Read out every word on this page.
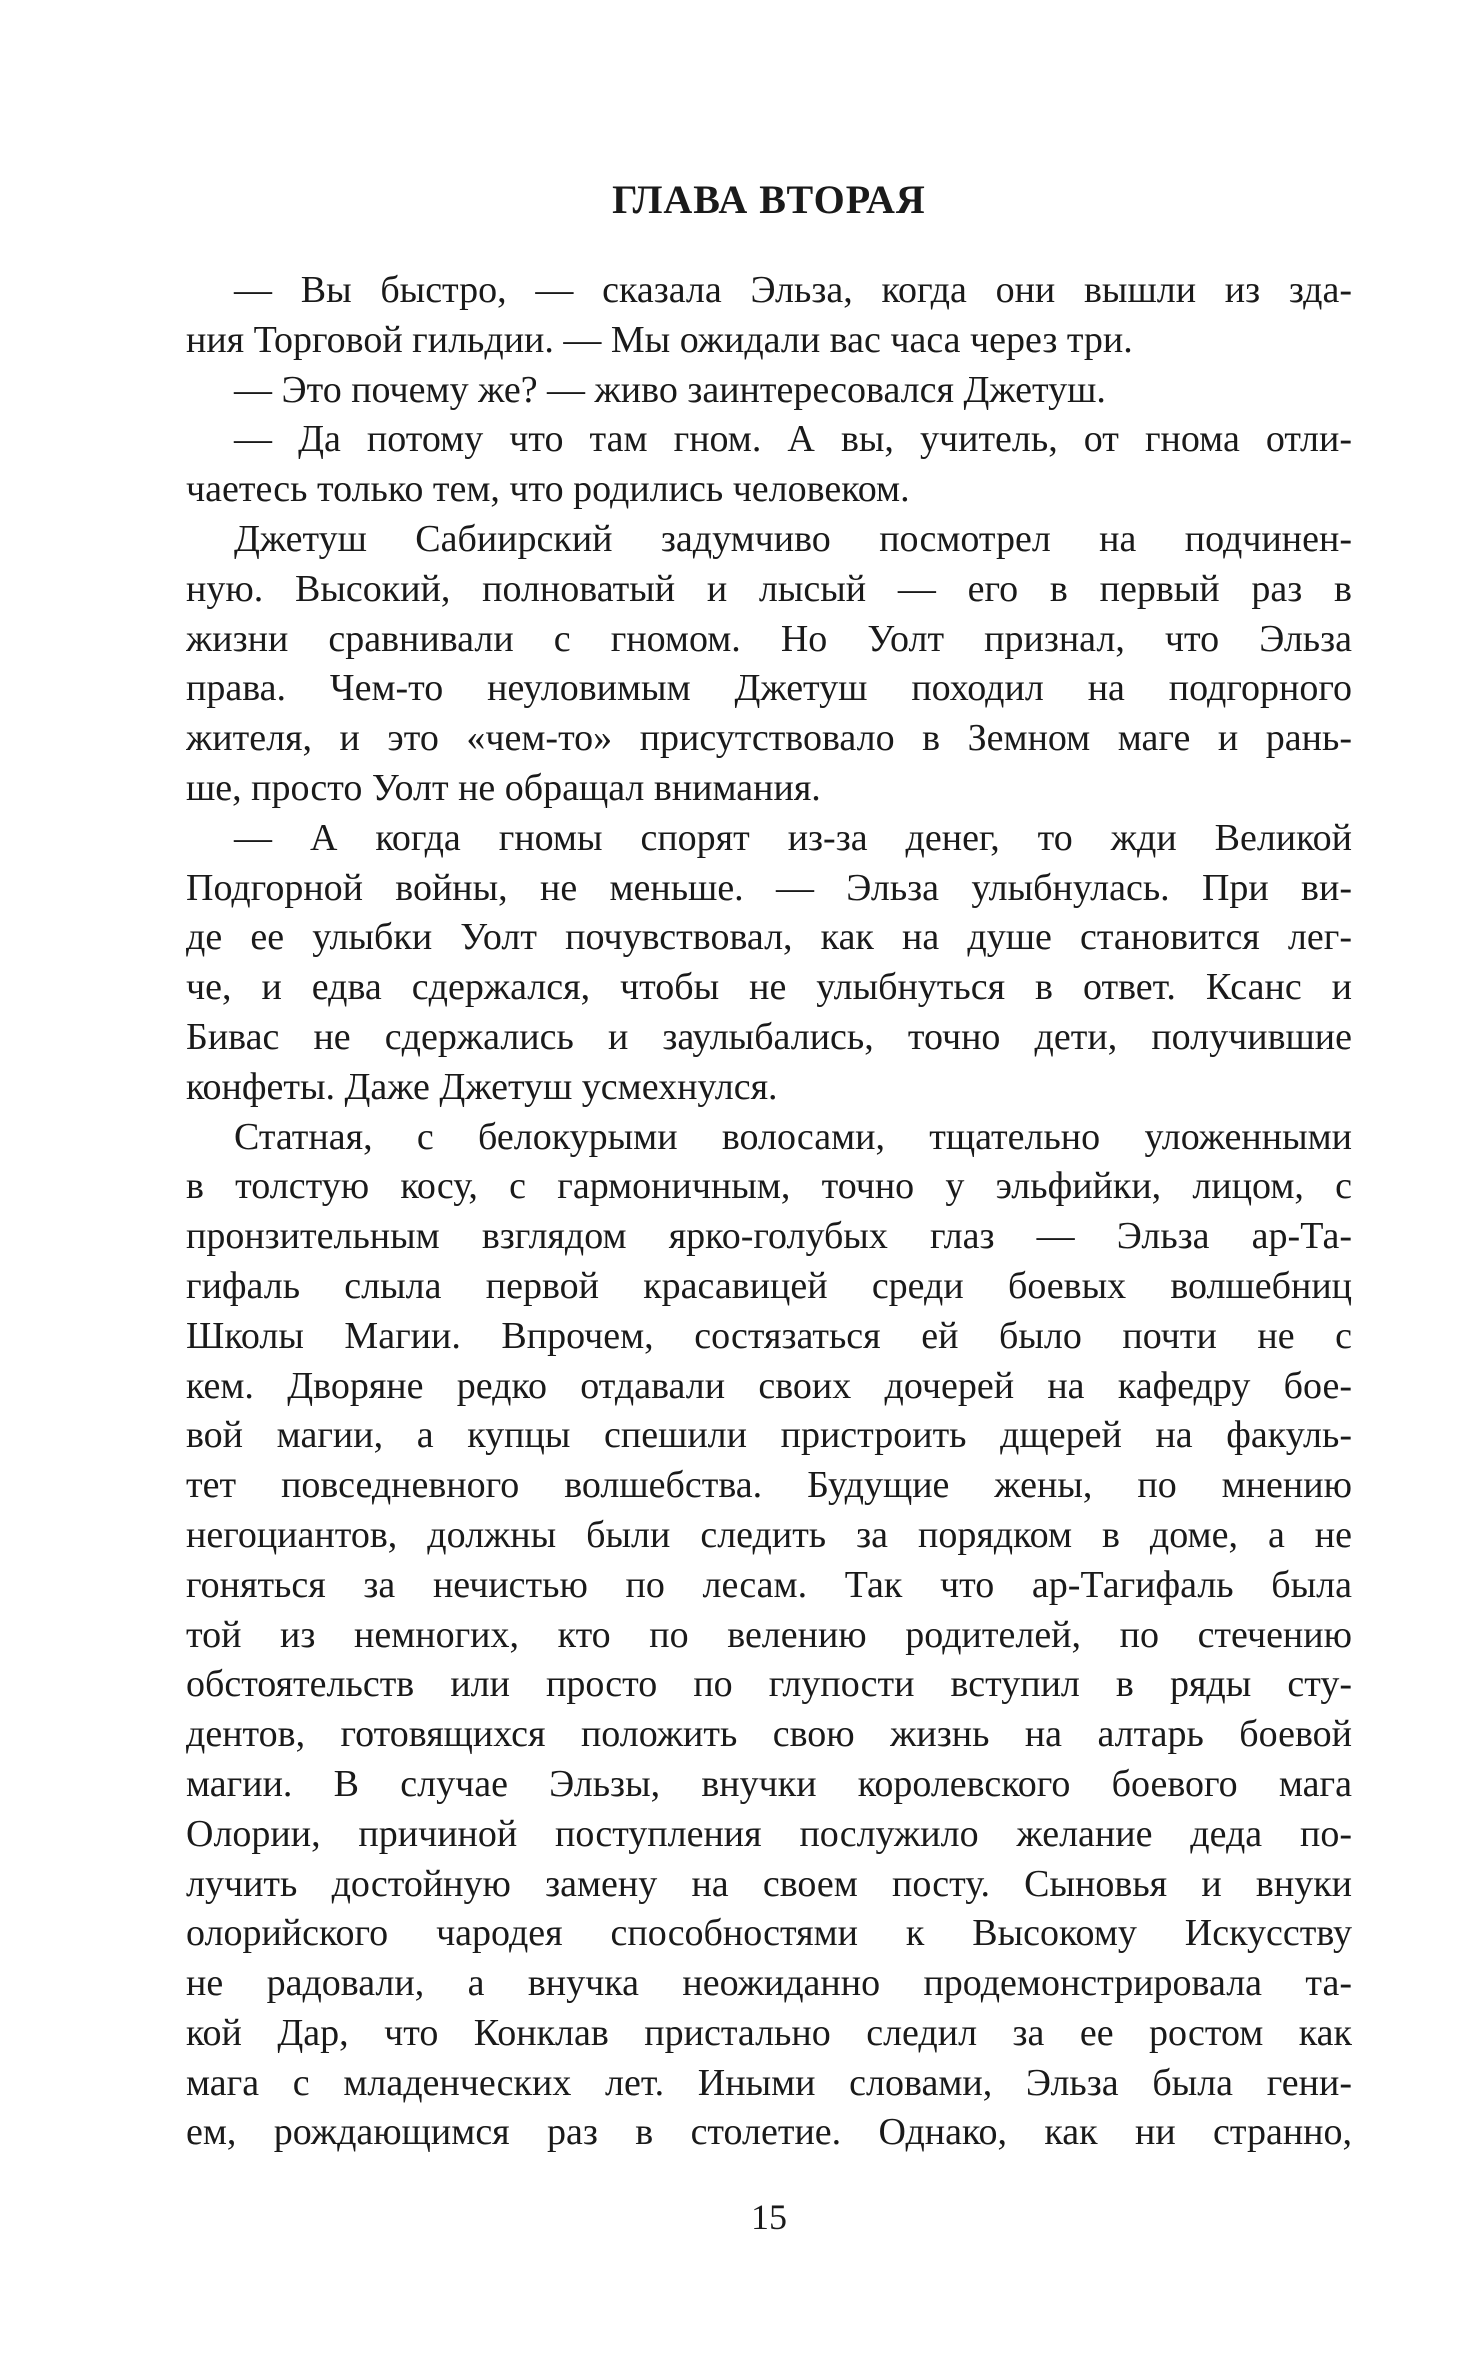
ГЛАВА ВТОРАЯ
— Вы быстро, — сказала Эльза, когда они вышли из зда-
ния Торговой гильдии. — Мы ожидали вас часа через три.
— Это почему же? — живо заинтересовался Джетуш.
— Да потому что там гном. А вы, учитель, от гнома отли-
чаетесь только тем, что родились человеком.
Джетуш Сабиирский задумчиво посмотрел на подчинен-
ную. Высокий, полноватый и лысый — его в первый раз в
жизни сравнивали с гномом. Но Уолт признал, что Эльза
права. Чем-то неуловимым Джетуш походил на подгорного
жителя, и это «чем-то» присутствовало в Земном маге и рань-
ше, просто Уолт не обращал внимания.
— А когда гномы спорят из-за денег, то жди Великой
Подгорной войны, не меньше. — Эльза улыбнулась. При ви-
де ее улыбки Уолт почувствовал, как на душе становится лег-
че, и едва сдержался, чтобы не улыбнуться в ответ. Ксанс и
Бивас не сдержались и заулыбались, точно дети, получившие
конфеты. Даже Джетуш усмехнулся.
Статная, с белокурыми волосами, тщательно уложенными
в толстую косу, с гармоничным, точно у эльфийки, лицом, с
пронзительным взглядом ярко-голубых глаз — Эльза ар-Та-
гифаль слыла первой красавицей среди боевых волшебниц
Школы Магии. Впрочем, состязаться ей было почти не с
кем. Дворяне редко отдавали своих дочерей на кафедру бое-
вой магии, а купцы спешили пристроить дщерей на факуль-
тет повседневного волшебства. Будущие жены, по мнению
негоциантов, должны были следить за порядком в доме, а не
гоняться за нечистью по лесам. Так что ар-Тагифаль была
той из немногих, кто по велению родителей, по стечению
обстоятельств или просто по глупости вступил в ряды сту-
дентов, готовящихся положить свою жизнь на алтарь боевой
магии. В случае Эльзы, внучки королевского боевого мага
Олории, причиной поступления послужило желание деда по-
лучить достойную замену на своем посту. Сыновья и внуки
олорийского чародея способностями к Высокому Искусству
не радовали, а внучка неожиданно продемонстрировала та-
кой Дар, что Конклав пристально следил за ее ростом как
мага с младенческих лет. Иными словами, Эльза была гени-
ем, рождающимся раз в столетие. Однако, как ни странно,
15
